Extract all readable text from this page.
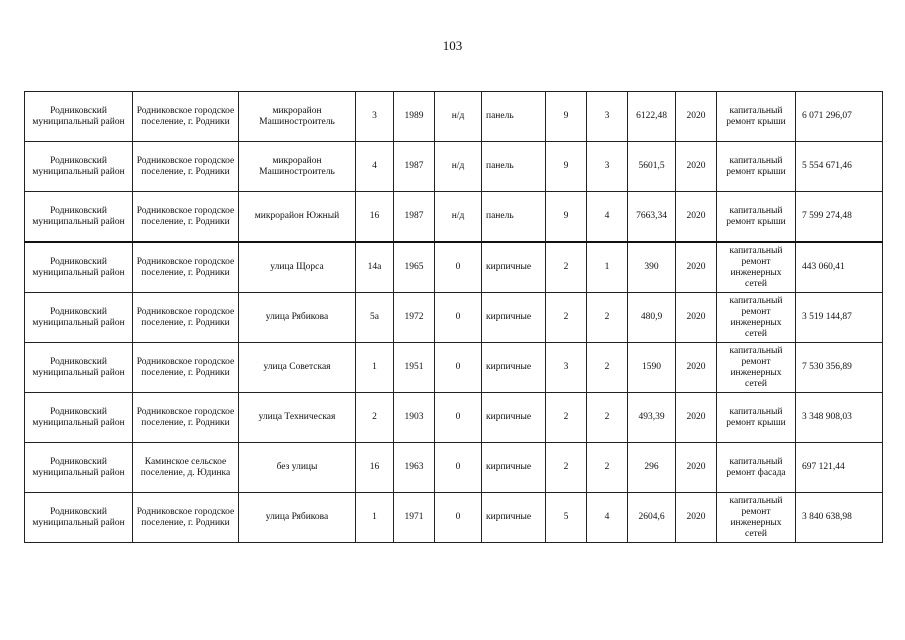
103
Родниковский муниципальный район	Родниковское городское поселение, г. Родники	микрорайон Машиностроитель	3	1989	н/д	панель	9	3	6122,48	2020	капитальный ремонт крыши	6 071 296,07
Родниковский муниципальный район	Родниковское городское поселение, г. Родники	микрорайон Машиностроитель	4	1987	н/д	панель	9	3	5601,5	2020	капитальный ремонт крыши	5 554 671,46
Родниковский муниципальный район	Родниковское городское поселение, г. Родники	микрорайон Южный	16	1987	н/д	панель	9	4	7663,34	2020	капитальный ремонт крыши	7 599 274,48
Родниковский муниципальный район	Родниковское городское поселение, г. Родники	улица Щорса	14а	1965	0	кирпичные	2	1	390	2020	капитальный ремонт инженерных сетей	443 060,41
Родниковский муниципальный район	Родниковское городское поселение, г. Родники	улица Рябикова	5а	1972	0	кирпичные	2	2	480,9	2020	капитальный ремонт инженерных сетей	3 519 144,87
Родниковский муниципальный район	Родниковское городское поселение, г. Родники	улица Советская	1	1951	0	кирпичные	3	2	1590	2020	капитальный ремонт инженерных сетей	7 530 356,89
Родниковский муниципальный район	Родниковское городское поселение, г. Родники	улица Техническая	2	1903	0	кирпичные	2	2	493,39	2020	капитальный ремонт крыши	3 348 908,03
Родниковский муниципальный район	Каминское сельское поселение, д. Юдинка	без улицы	16	1963	0	кирпичные	2	2	296	2020	капитальный ремонт фасада	697 121,44
Родниковский муниципальный район	Родниковское городское поселение, г. Родники	улица Рябикова	1	1971	0	кирпичные	5	4	2604,6	2020	капитальный ремонт инженерных сетей	3 840 638,98
